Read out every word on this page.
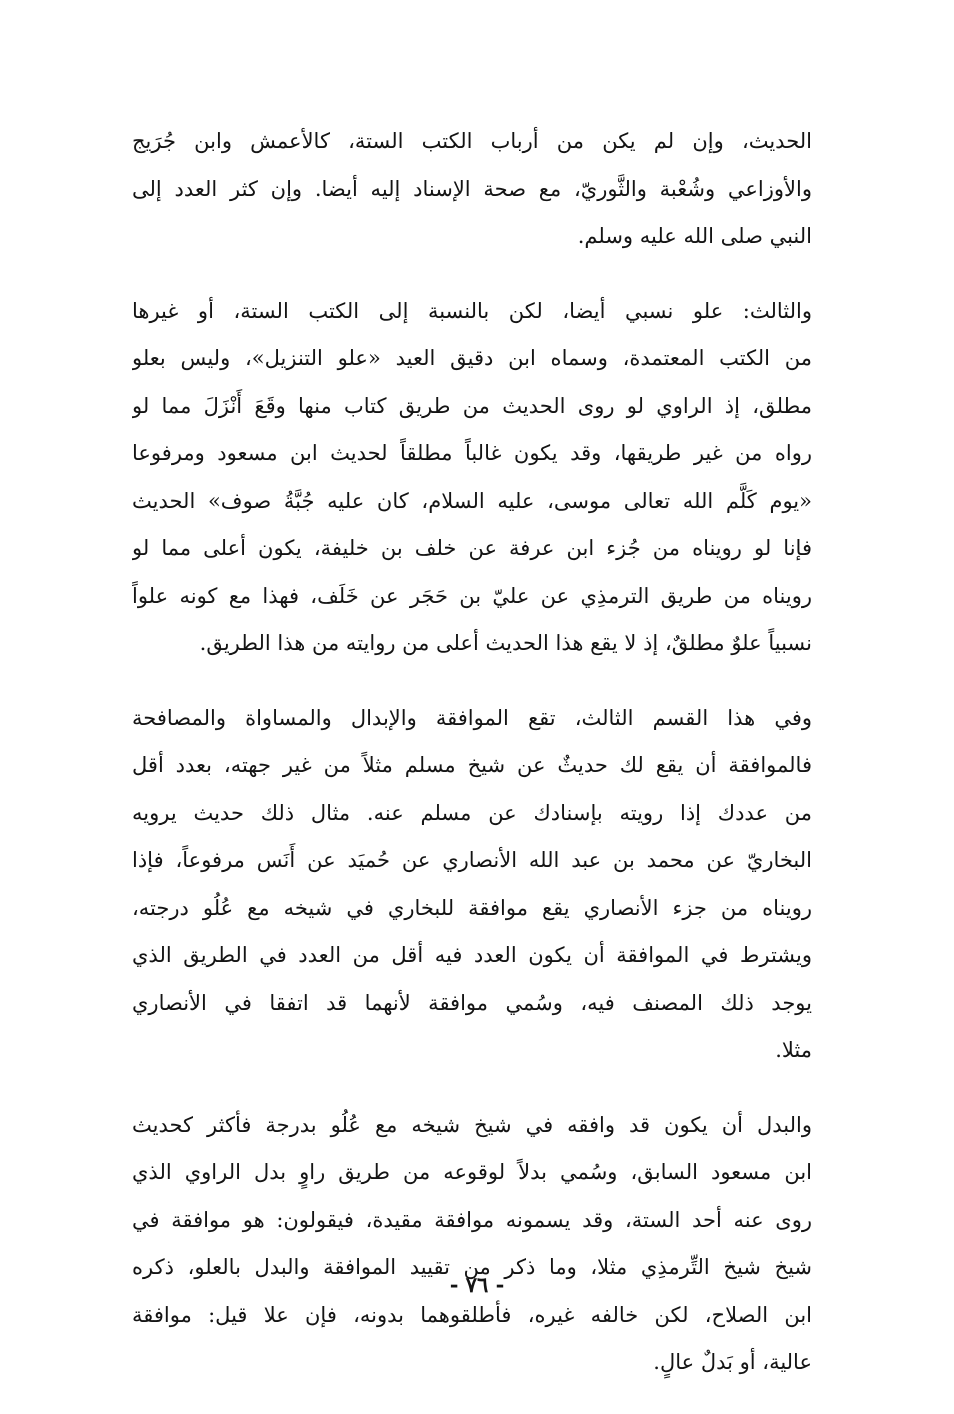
الحديث، وإن لم يكن من أرباب الكتب الستة، كالأعمش وابن جُرَيج
والأوزاعي وشُعْبة والثَّوريّ، مع صحة الإسناد إليه أيضا. وإن كثر العدد إلى
النبي صلى الله عليه وسلم.
والثالث: علو نسبي أيضا، لكن بالنسبة إلى الكتب الستة، أو غيرها
من الكتب المعتمدة، وسماه ابن دقيق العيد «علو التنزيل»، وليس بعلو
مطلق، إذ الراوي لو روى الحديث من طريق كتاب منها وقَعَ أَنْزَلَ مما لو
رواه من غير طريقها، وقد يكون غالباً مطلقاً لحديث ابن مسعود ومرفوعا
«يوم كَلَّم الله تعالى موسى، عليه السلام، كان عليه جُبَّةُ صوف» الحديث
فإنا لو رويناه من جُزء ابن عرفة عن خلف بن خليفة، يكون أعلى مما لو
رويناه من طريق الترمذِي عن عليّ بن حَجَر عن خَلَف، فهذا مع كونه علواً
نسبياً علوٌ مطلقٌ، إذ لا يقع هذا الحديث أعلى من روايته من هذا الطريق.
وفي هذا القسم الثالث، تقع الموافقة والإبدال والمساواة والمصافحة
فالموافقة أن يقع لك حديثٌ عن شيخ مسلم مثلاً من غير جهته، بعدد أقل
من عددك إذا رويته بإسنادك عن مسلم عنه. مثال ذلك حديث يرويه
البخاريّ عن محمد بن عبد الله الأنصاري عن حُميَد عن أَنَس مرفوعاً، فإذا
رويناه من جزء الأنصاري يقع موافقة للبخاري في شيخه مع عُلُو درجته،
ويشترط في الموافقة أن يكون العدد فيه أقل من العدد في الطريق الذي
يوجد ذلك المصنف فيه، وسُمي موافقة لأنهما قد اتفقا في الأنصاري
مثلا.
والبدل أن يكون قد وافقه في شيخ شيخه مع عُلُو بدرجة فأكثر كحديث
ابن مسعود السابق، وسُمي بدلاً لوقوعه من طريق راوٍ بدل الراوي الذي
روى عنه أحد الستة، وقد يسمونه موافقة مقيدة، فيقولون: هو موافقة في
شيخ شيخ التِّرمذِي مثلا، وما ذكر من تقييد الموافقة والبدل بالعلو، ذكره
ابن الصلاح، لكن خالفه غيره، فأطلقوهما بدونه، فإن علا قيل: موافقة
عالية، أو بَدلٌ عالٍ.
- ٧٦ -
